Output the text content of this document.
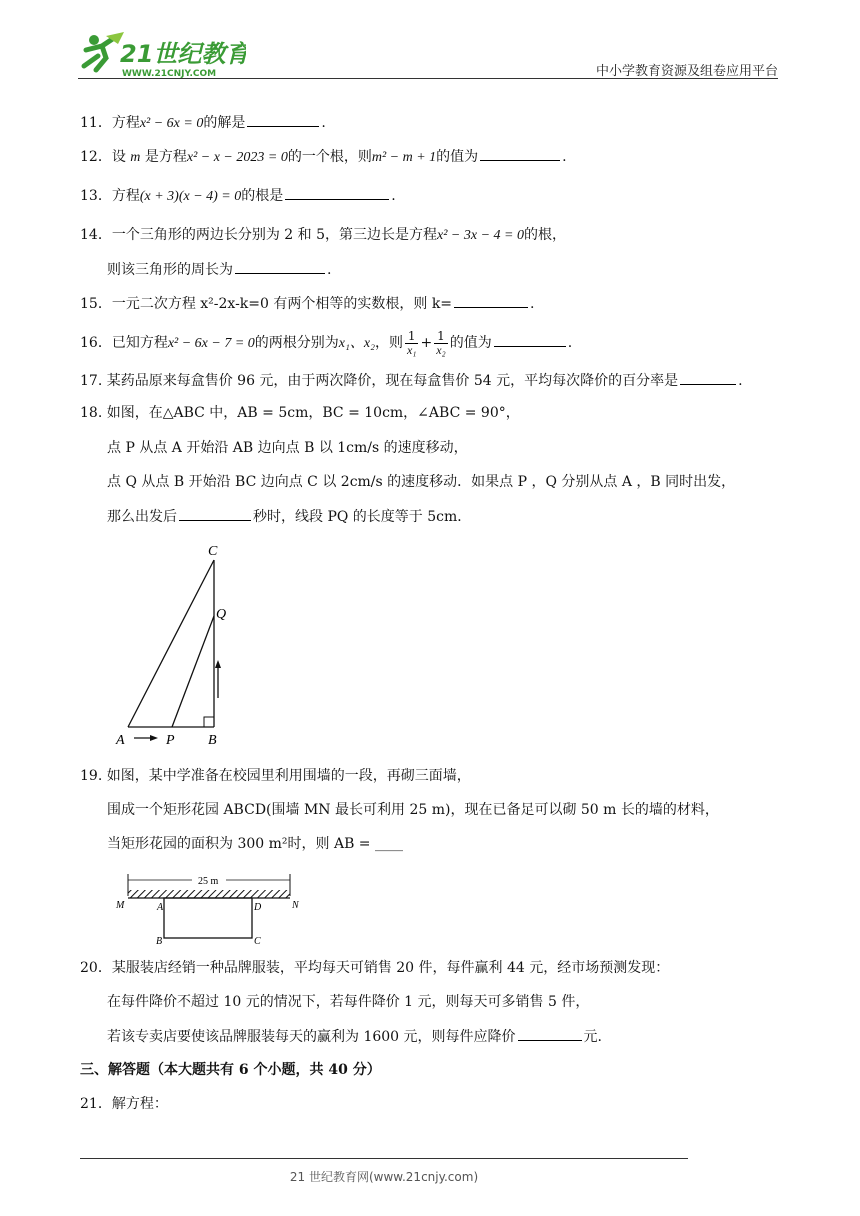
21世纪教育
WWW.21CNJY.COM	中小学教育资源及组卷应用平台
11．方程x² − 6x = 0的解是	.
12．设 m 是方程x² − x − 2023 = 0的一个根，则m² − m + 1的值为	.
13．方程(x + 3)(x − 4) = 0的根是	.
14．一个三角形的两边长分别为 2 和 5，第三边长是方程x² − 3x − 4 = 0的根，
则该三角形的周长为	.
15．一元二次方程 x²-2x-k=0 有两个相等的实数根，则 k=	.
16．已知方程x² − 6x − 7 = 0的两根分别为x₁、x₂，则 $\frac{1}{\text{x₁}} + \frac{1}{\text{x₂}}$ 的值为	.
17. 某药品原来每盒售价 96 元，由于两次降价，现在每盒售价 54 元，平均每次降价的百分率是	.
18. 如图，在△ABC 中，AB = 5cm，BC = 10cm，∠ABC = 90°，
点 P 从点 A 开始沿 AB 边向点 B 以 1cm/s 的速度移动，
点 Q 从点 B 开始沿 BC 边向点 C 以 2cm/s 的速度移动．如果点 P ，Q 分别从点 A ，B 同时出发，
那么出发后	秒时，线段 PQ 的长度等于 5cm．
C
Q
A	P B
19. 如图，某中学准备在校园里利用围墙的一段，再砌三面墙，
围成一个矩形花园 ABCD(围墙 MN 最长可利用 25 m)，现在已备足可以砌 50 m 长的墙的材料，
当矩形花园的面积为 300 m²时，则 AB = ____
25 m
M	N
A	D
B	C
20．某服装店经销一种品牌服装，平均每天可销售 20 件，每件赢利 44 元，经市场预测发现：
在每件降价不超过 10 元的情况下，若每件降价 1 元，则每天可多销售 5 件，
若该专卖店要使该品牌服装每天的赢利为 1600 元，则每件应降价	元.
三、解答题（本大题共有 6 个小题，共 40 分）
21．解方程：
21 世纪教育网(www.21cnjy.com)
